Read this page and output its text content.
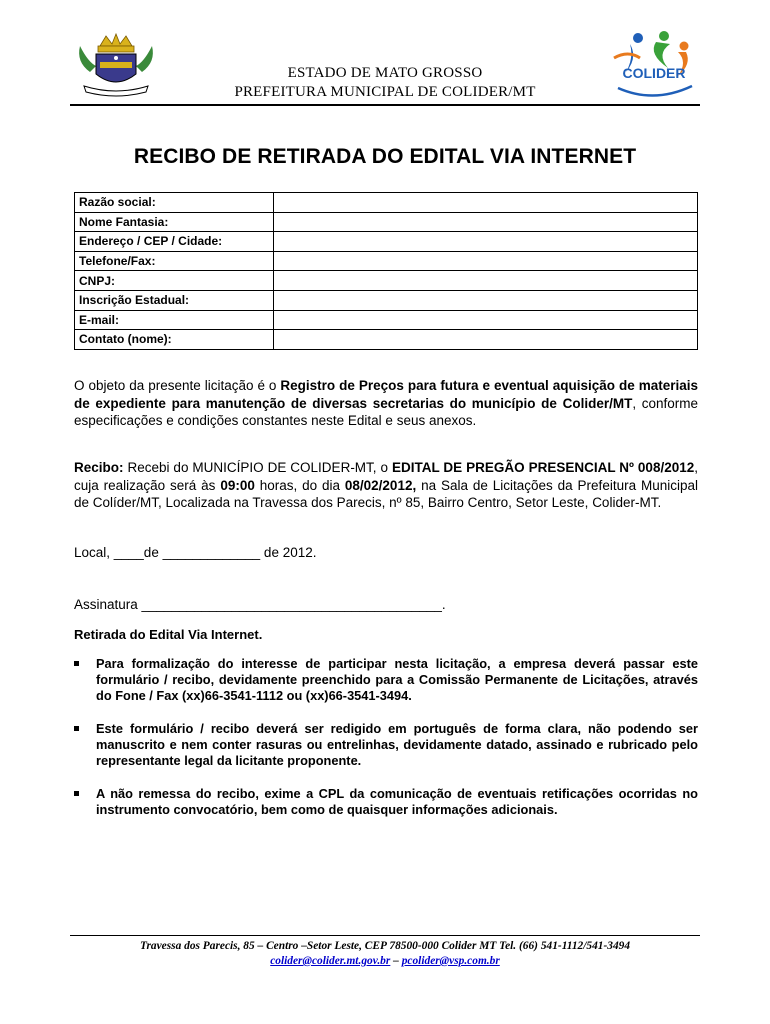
ESTADO DE MATO GROSSO
PREFEITURA MUNICIPAL DE COLIDER/MT
COLIDER
RECIBO DE RETIRADA DO EDITAL VIA INTERNET
Razão social:	
Nome Fantasia:	
Endereço / CEP / Cidade:	
Telefone/Fax:	
CNPJ:	
Inscrição Estadual:	
E-mail:	
Contato (nome):	
O objeto da presente licitação é o Registro de Preços para futura e eventual aquisição de materiais de expediente para manutenção de diversas secretarias do município de Colider/MT, conforme especificações e condições constantes neste Edital e seus anexos.
Recibo: Recebi do MUNICÍPIO DE COLIDER-MT, o EDITAL DE PREGÃO PRESENCIAL Nº 008/2012, cuja realização será às 09:00 horas, do dia 08/02/2012, na Sala de Licitações da Prefeitura Municipal de Colíder/MT, Localizada na Travessa dos Parecis, nº 85, Bairro Centro, Setor Leste, Colider-MT.
Local, ____de _____________ de 2012.
Assinatura ________________________________________.
Retirada do Edital Via Internet.
Para formalização do interesse de participar nesta licitação, a empresa deverá passar este formulário / recibo, devidamente preenchido para a Comissão Permanente de Licitações, através do Fone / Fax (xx)66-3541-1112 ou (xx)66-3541-3494.
Este formulário / recibo deverá ser redigido em português de forma clara, não podendo ser manuscrito e nem conter rasuras ou entrelinhas, devidamente datado, assinado e rubricado pelo representante legal da licitante proponente.
A não remessa do recibo, exime a CPL da comunicação de eventuais retificações ocorridas no instrumento convocatório, bem como de quaisquer informações adicionais.
Travessa dos Parecis, 85 – Centro –Setor Leste, CEP 78500-000 Colider MT Tel. (66) 541-1112/541-3494
colider@colider.mt.gov.br – pcolider@vsp.com.br
